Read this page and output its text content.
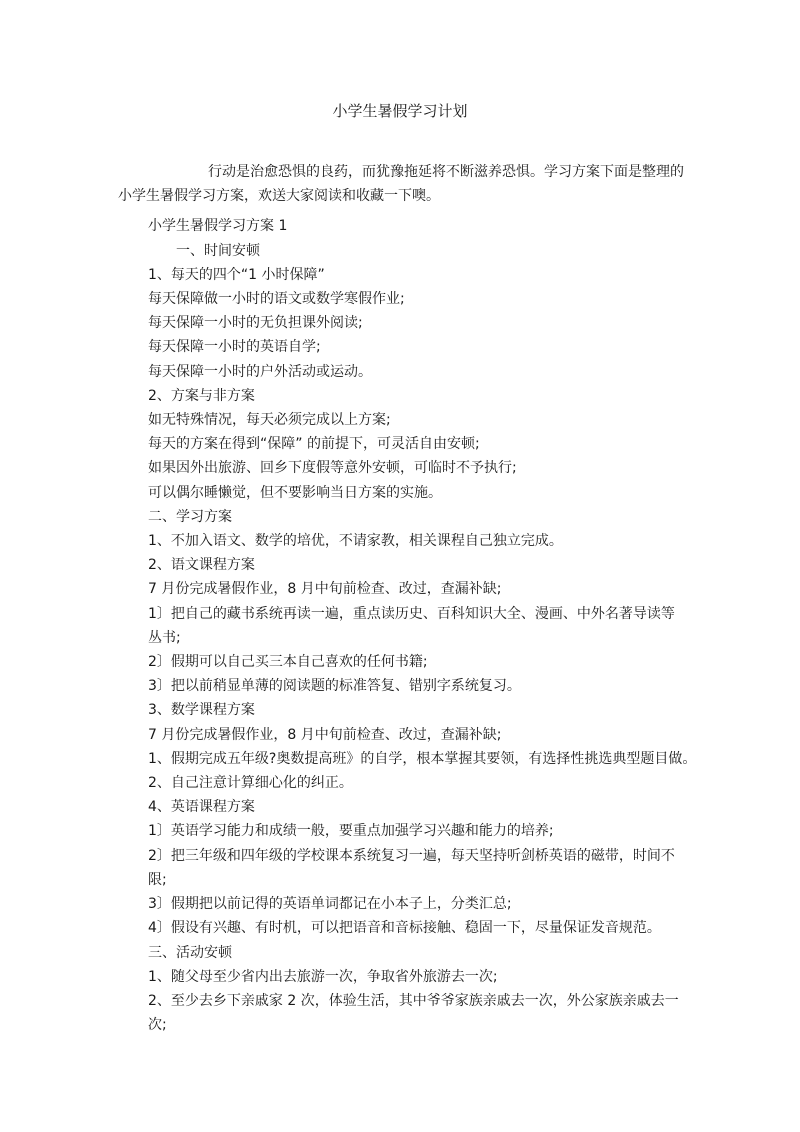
小学生暑假学习计划
行动是治愈恐惧的良药，而犹豫拖延将不断滋养恐惧。学习方案下面是整理的小学生暑假学习方案，欢送大家阅读和收藏一下噢。
小学生暑假学习方案 1
一、时间安顿
1、每天的四个“1 小时保障”
每天保障做一小时的语文或数学寒假作业;
每天保障一小时的无负担课外阅读;
每天保障一小时的英语自学;
每天保障一小时的户外活动或运动。
2、方案与非方案
如无特殊情况，每天必须完成以上方案;
每天的方案在得到“保障” 的前提下，可灵活自由安顿;
如果因外出旅游、回乡下度假等意外安顿，可临时不予执行;
可以偶尔睡懒觉，但不要影响当日方案的实施。
二、学习方案
1、不加入语文、数学的培优，不请家教，相关课程自己独立完成。
2、语文课程方案
7 月份完成暑假作业，8 月中旬前检查、改过，查漏补缺;
1〕把自己的藏书系统再读一遍，重点读历史、百科知识大全、漫画、中外名著导读等丛书;
2〕假期可以自己买三本自己喜欢的任何书籍;
3〕把以前稍显单薄的阅读题的标准答复、错别字系统复习。
3、数学课程方案
7 月份完成暑假作业，8 月中旬前检查、改过，查漏补缺;
1、假期完成五年级?奥数提高班》的自学，根本掌握其要领，有选择性挑选典型题目做。
2、自己注意计算细心化的纠正。
4、英语课程方案
1〕英语学习能力和成绩一般，要重点加强学习兴趣和能力的培养;
2〕把三年级和四年级的学校课本系统复习一遍，每天坚持听剑桥英语的磁带，时间不限;
3〕假期把以前记得的英语单词都记在小本子上，分类汇总;
4〕假设有兴趣、有时机，可以把语音和音标接触、稳固一下，尽量保证发音规范。
三、活动安顿
1、随父母至少省内出去旅游一次，争取省外旅游去一次;
2、至少去乡下亲戚家 2 次，体验生活，其中爷爷家族亲戚去一次，外公家族亲戚去一次;
